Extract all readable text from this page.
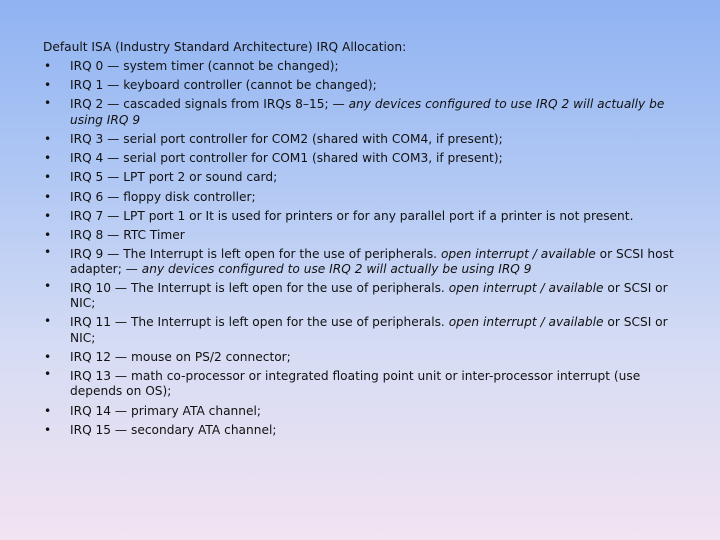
Default ISA (Industry Standard Architecture) IRQ Allocation:
• IRQ 0 — system timer (cannot be changed);
• IRQ 1 — keyboard controller (cannot be changed);
• IRQ 2 — cascaded signals from IRQs 8–15; — any devices configured to use IRQ 2 will actually be using IRQ 9
• IRQ 3 — serial port controller for COM2 (shared with COM4, if present);
• IRQ 4 — serial port controller for COM1 (shared with COM3, if present);
• IRQ 5 — LPT port 2 or sound card;
• IRQ 6 — floppy disk controller;
• IRQ 7 — LPT port 1 or It is used for printers or for any parallel port if a printer is not present.
• IRQ 8 — RTC Timer
• IRQ 9 — The Interrupt is left open for the use of peripherals. open interrupt / available or SCSI host adapter; — any devices configured to use IRQ 2 will actually be using IRQ 9
• IRQ 10 — The Interrupt is left open for the use of peripherals. open interrupt / available or SCSI or NIC;
• IRQ 11 — The Interrupt is left open for the use of peripherals. open interrupt / available or SCSI or NIC;
• IRQ 12 — mouse on PS/2 connector;
• IRQ 13 — math co-processor or integrated floating point unit or inter-processor interrupt (use depends on OS);
• IRQ 14 — primary ATA channel;
• IRQ 15 — secondary ATA channel;
